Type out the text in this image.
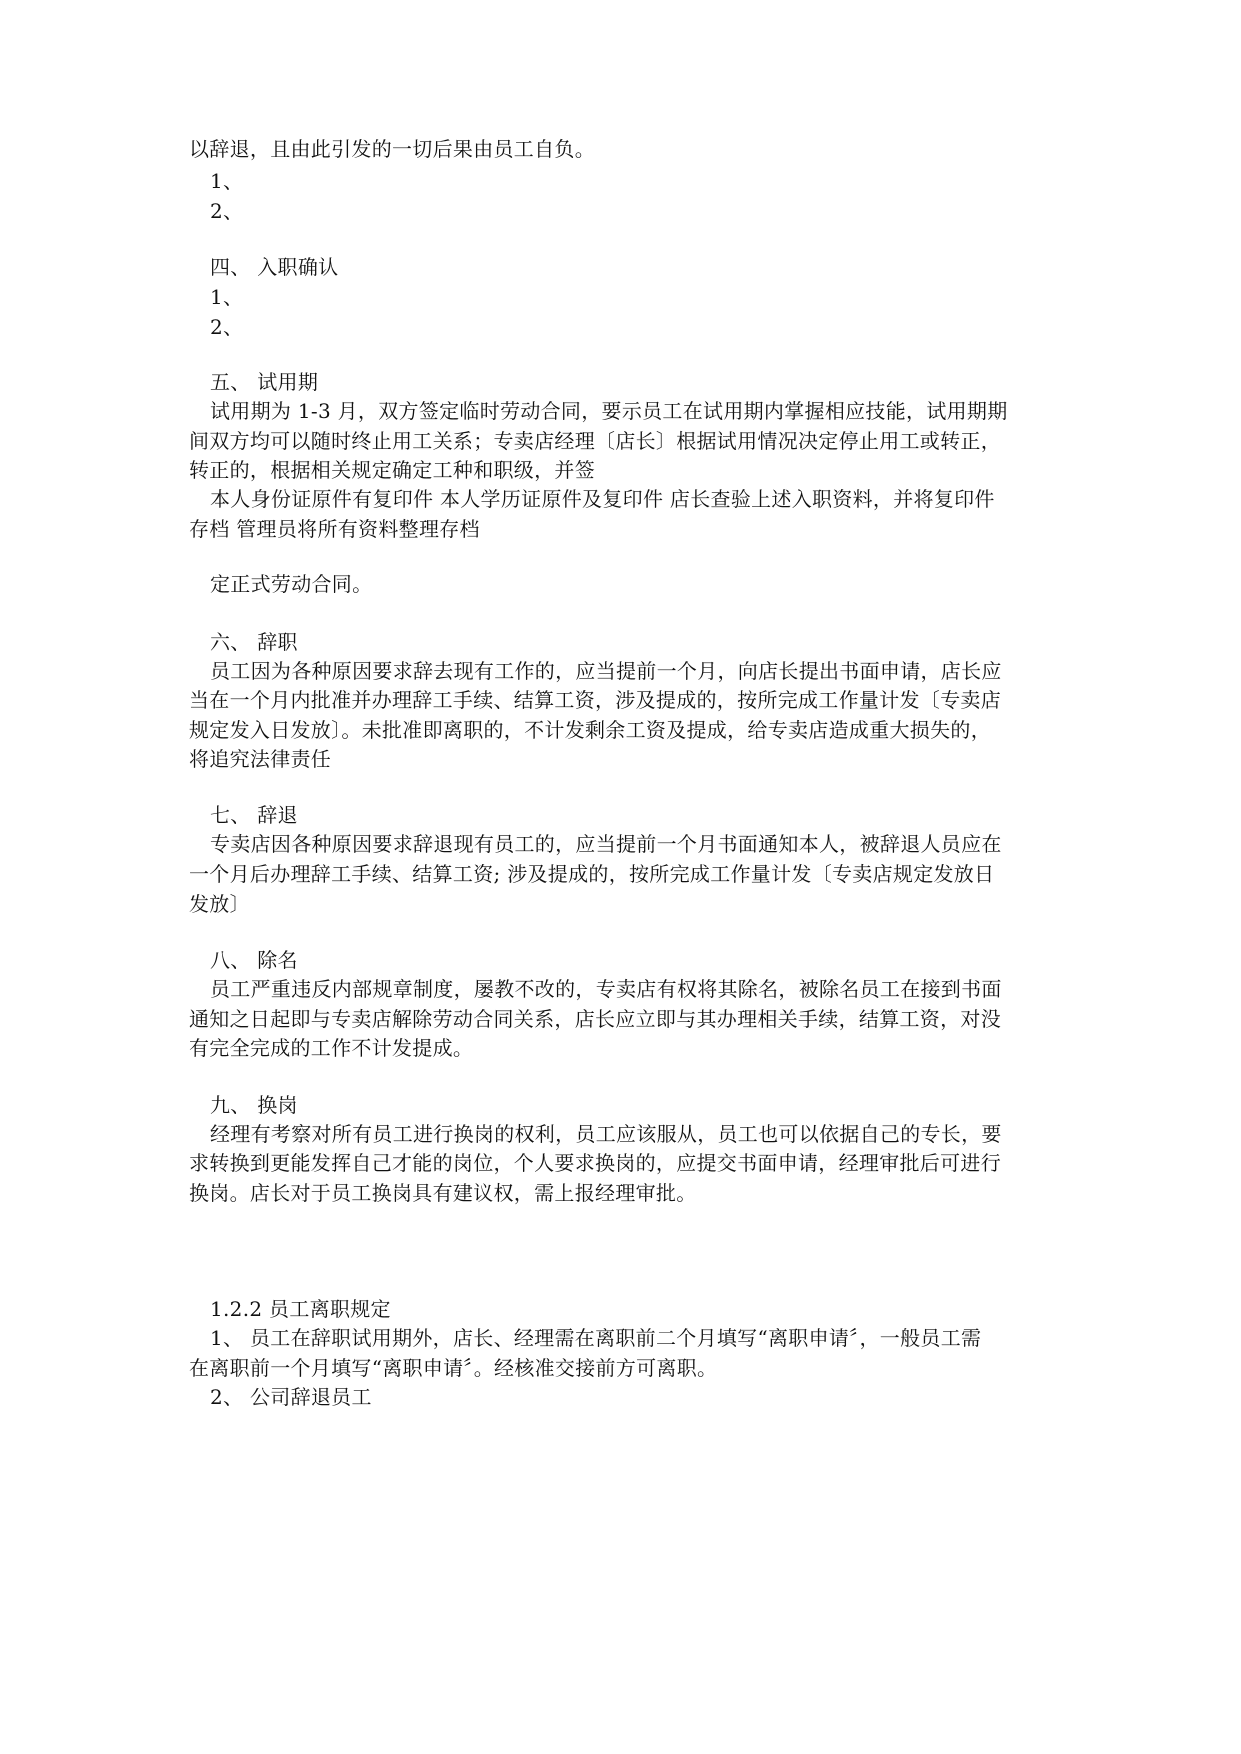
以辞退，且由此引发的一切后果由员工自负。
1、
2、
四、 入职确认
1、
2、
五、 试用期
试用期为 1-3 月，双方签定临时劳动合同，要示员工在试用期内掌握相应技能，试用期期
间双方均可以随时终止用工关系；专卖店经理〔店长〕根据试用情况决定停止用工或转正，
转正的，根据相关规定确定工种和职级，并签
本人身份证原件有复印件 本人学历证原件及复印件 店长查验上述入职资料，并将复印件
存档 管理员将所有资料整理存档
定正式劳动合同。
六、 辞职
员工因为各种原因要求辞去现有工作的，应当提前一个月，向店长提出书面申请，店长应
当在一个月内批准并办理辞工手续、结算工资，涉及提成的，按所完成工作量计发〔专卖店
规定发入日发放〕。未批准即离职的，不计发剩余工资及提成，给专卖店造成重大损失的，
将追究法律责任
七、 辞退
专卖店因各种原因要求辞退现有员工的，应当提前一个月书面通知本人，被辞退人员应在
一个月后办理辞工手续、结算工资; 涉及提成的，按所完成工作量计发〔专卖店规定发放日
发放〕
八、 除名
员工严重违反内部规章制度，屡教不改的，专卖店有权将其除名，被除名员工在接到书面
通知之日起即与专卖店解除劳动合同关系，店长应立即与其办理相关手续，结算工资，对没
有完全完成的工作不计发提成。
九、 换岗
经理有考察对所有员工进行换岗的权利，员工应该服从，员工也可以依据自己的专长，要
求转换到更能发挥自己才能的岗位，个人要求换岗的，应提交书面申请，经理审批后可进行
换岗。店长对于员工换岗具有建议权，需上报经理审批。
1.2.2 员工离职规定
1、 员工在辞职试用期外，店长、经理需在离职前二个月填写“离职申请〞，一般员工需
在离职前一个月填写“离职申请〞。经核准交接前方可离职。
2、 公司辞退员工
